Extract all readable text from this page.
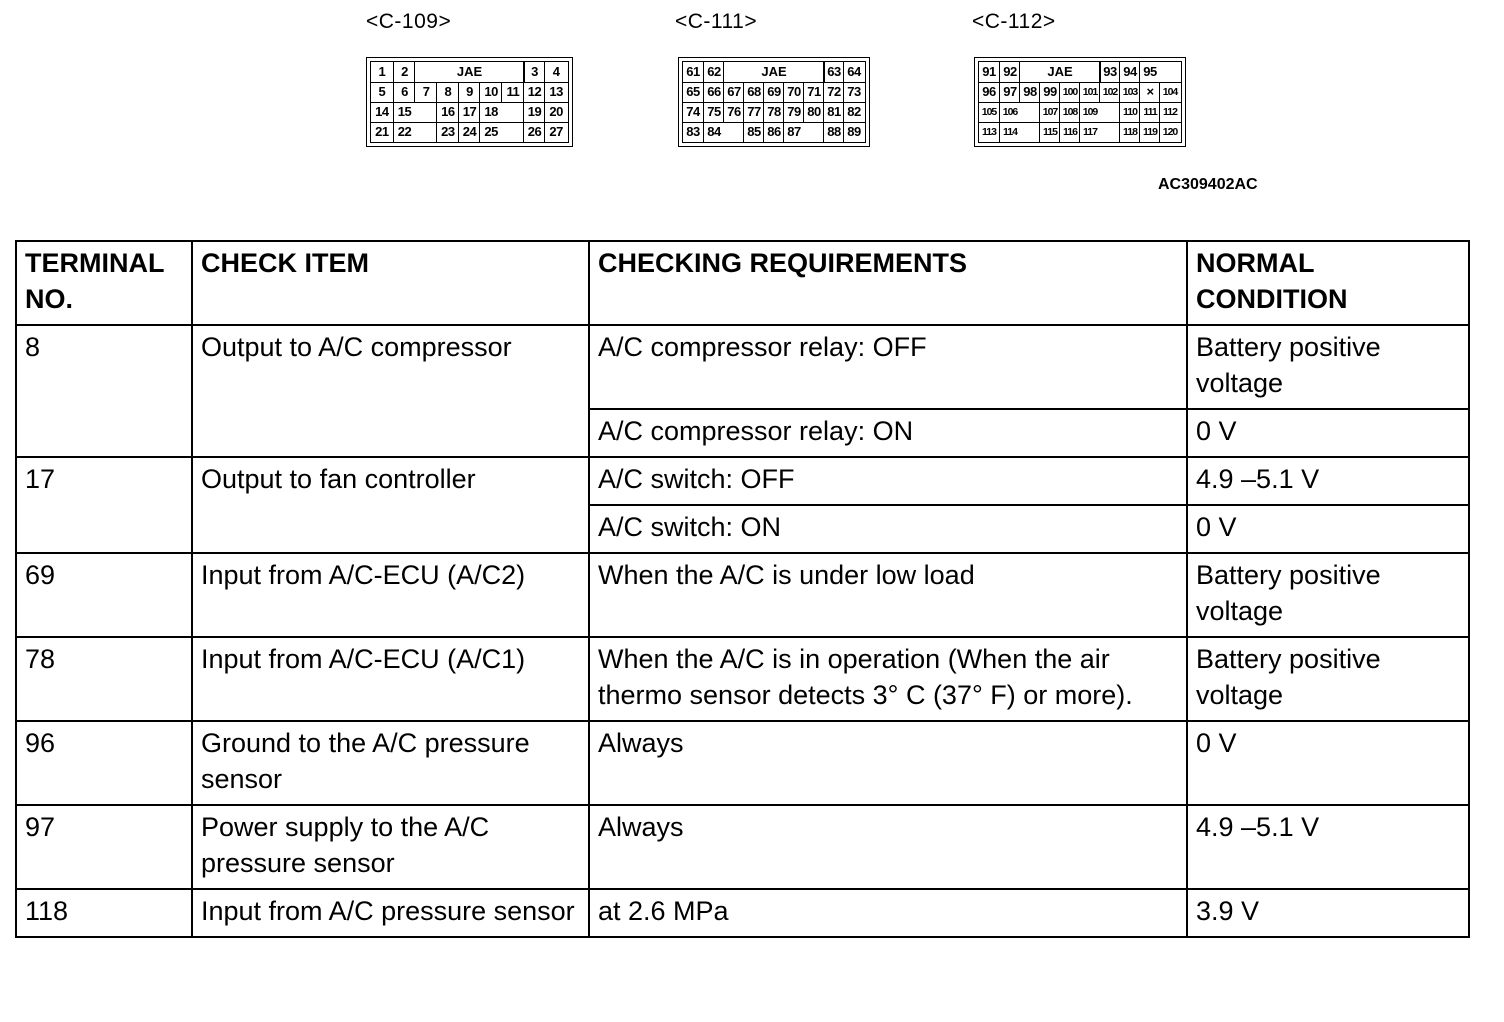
<C-109>	<C-111>	<C-112>
JAE
1	2	3	4
5	6	7	8	9 10 11 12 13
14 15	16 17 18	19 20
21 22	23 24 25	26 27
JAE
61 62	63 64
65 66 67 68 69 70 71 72 73
74 75 76 77 78 79 80 81 82
83 84	85 86 87	88 89
JAE
91 92	93 94 95
96 97 98 99 100 101 102 103 × 104
105 106	107 108 109	110 111 112
113 114	115 116 117	118 119 120
AC309402AC
TERMINAL NO.	CHECK ITEM	CHECKING REQUIREMENTS	NORMAL CONDITION
8	Output to A/C compressor	A/C compressor relay: OFF	Battery positive voltage
		A/C compressor relay: ON	0 V
17	Output to fan controller	A/C switch: OFF	4.9 –5.1 V
		A/C switch: ON	0 V
69	Input from A/C-ECU (A/C2)	When the A/C is under low load	Battery positive voltage
78	Input from A/C-ECU (A/C1)	When the A/C is in operation (When the air thermo sensor detects 3° C (37° F) or more).	Battery positive voltage
96	Ground to the A/C pressure sensor	Always	0 V
97	Power supply to the A/C pressure sensor	Always	4.9 –5.1 V
118	Input from A/C pressure sensor	at 2.6 MPa	3.9 V
